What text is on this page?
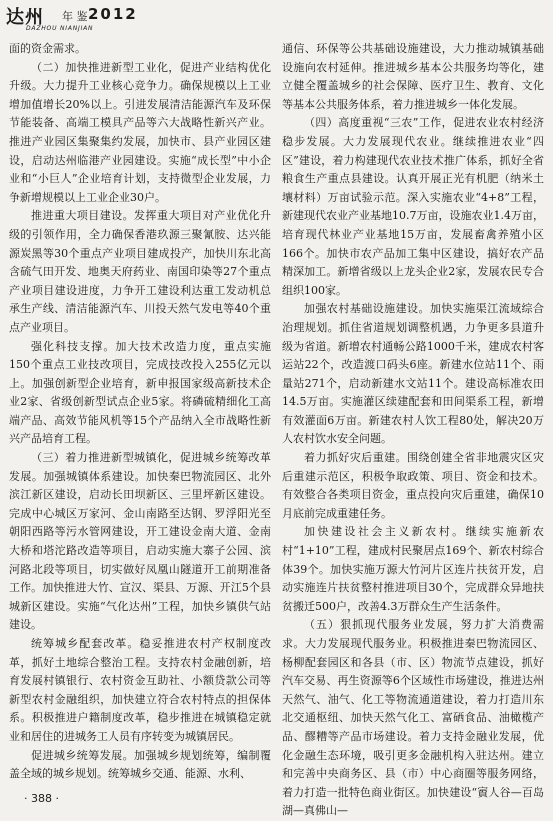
达州 年 鉴 2012
DAZHOU NIANJIAN

面的资金需求。

（二）加快推进新型工业化，促进产业结构优化升级。大力提升工业核心竞争力。确保规模以上工业增加值增长20%以上。引进发展清洁能源汽车及环保节能装备、高端工模具产品等六大战略性新兴产业。推进产业园区集聚集约发展，加快市、县产业园区建设，启动达州临港产业园建设。实施“成长型”中小企业和“小巨人”企业培育计划，支持微型企业发展，力争新增规模以上工业企业30户。

推进重大项目建设。发挥重大项目对产业优化升级的引领作用，全力确保香港玖源三聚氰胺、达兴能源炭黑等30个重点产业项目建成投产，加快川东北高含硫气田开发、地奥天府药业、南国印染等27个重点产业项目建设进度，力争开工建设利达重工发动机总承生产线、清洁能源汽车、川投天然气发电等40个重点产业项目。

强化科技支撑。加大技术改造力度，重点实施150个重点工业技改项目，完成技改投入255亿元以上。加强创新型企业培育，新申报国家级高新技术企业2家、省级创新型试点企业5家。将磷硫精细化工高端产品、高效节能风机等15个产品纳入全市战略性新兴产品培育工程。

（三）着力推进新型城镇化，促进城乡统筹改革发展。加强城镇体系建设。加快秦巴物流园区、北外滨江新区建设，启动长田坝新区、三里坪新区建设。完成中心城区万家河、金山南路至达钢、罗浮阳光至朝阳西路等污水管网建设，开工建设金南大道、金南大桥和塔沱路改造等项目，启动实施大寨子公园、滨河路北段等项目，切实做好凤凰山隧道开工前期准备工作。加快推进大竹、宣汉、渠县、万源、开江5个县城新区建设。实施“气化达州”工程，加快乡镇供气站建设。

统筹城乡配套改革。稳妥推进农村产权制度改革，抓好土地综合整治工程。支持农村金融创新，培育发展村镇银行、农村资金互助社、小额贷款公司等新型农村金融组织，加快建立符合农村特点的担保体系。积极推进户籍制度改革，稳步推进在城镇稳定就业和居住的进城务工人员有序转变为城镇居民。

促进城乡统筹发展。加强城乡规划统筹，编制覆盖全域的城乡规划。统筹城乡交通、能源、水利、

通信、环保等公共基础设施建设，大力推动城镇基础设施向农村延伸。推进城乡基本公共服务均等化，建立健全覆盖城乡的社会保障、医疗卫生、教育、文化等基本公共服务体系，着力推进城乡一体化发展。

（四）高度重视“三农”工作，促进农业农村经济稳步发展。大力发展现代农业。继续推进农业“四区”建设，着力构建现代农业技术推广体系，抓好全省粮食生产重点县建设。认真开展正光有机肥（纳米土壤材料）万亩试验示范。深入实施农业“4+8”工程，新建现代农业产业基地10.7万亩，设施农业1.4万亩，培育现代林业产业基地15万亩，发展畜禽养殖小区166个。加快市农产品加工集中区建设，搞好农产品精深加工。新增省级以上龙头企业2家，发展农民专合组织100家。

加强农村基础设施建设。加快实施渠江流域综合治理规划。抓住省道规划调整机遇，力争更多县道升级为省道。新增农村通畅公路1000千米，建成农村客运站22个，改造渡口码头6座。新建水位站11个、雨量站271个，启动新建水文站11个。建设高标准农田14.5万亩。实施灌区续建配套和田间渠系工程，新增有效灌面6万亩。新建农村人饮工程80处，解决20万人农村饮水安全问题。

着力抓好灾后重建。围绕创建全省非地震灾区灾后重建示范区，积极争取政策、项目、资金和技术。有效整合各类项目资金，重点投向灾后重建，确保10月底前完成重建任务。

加快建设社会主义新农村。继续实施新农村“1+10”工程，建成村民聚居点169个、新农村综合体39个。加快实施万源大竹河片区连片扶贫开发，启动实施连片扶贫整村推进项目30个，完成群众异地扶贫搬迁500户，改善4.3万群众生产生活条件。

（五）狠抓现代服务业发展，努力扩大消费需求。大力发展现代服务业。积极推进秦巴物流园区、杨柳配套园区和各县（市、区）物流节点建设，抓好汽车交易、再生资源等6个区域性市场建设，推进达州天然气、油气、化工等物流通道建设，着力打造川东北交通枢纽、加快天然气化工、富硒食品、油橄榄产品、醪糟等产品市场建设。着力支持金融业发展，优化金融生态环境，吸引更多金融机构入驻达州。建立和完善中央商务区、县（市）中心商圈等服务网络，着力打造一批特色商业街区。加快建设“賨人谷—百岛湖—真佛山—

· 388 ·
